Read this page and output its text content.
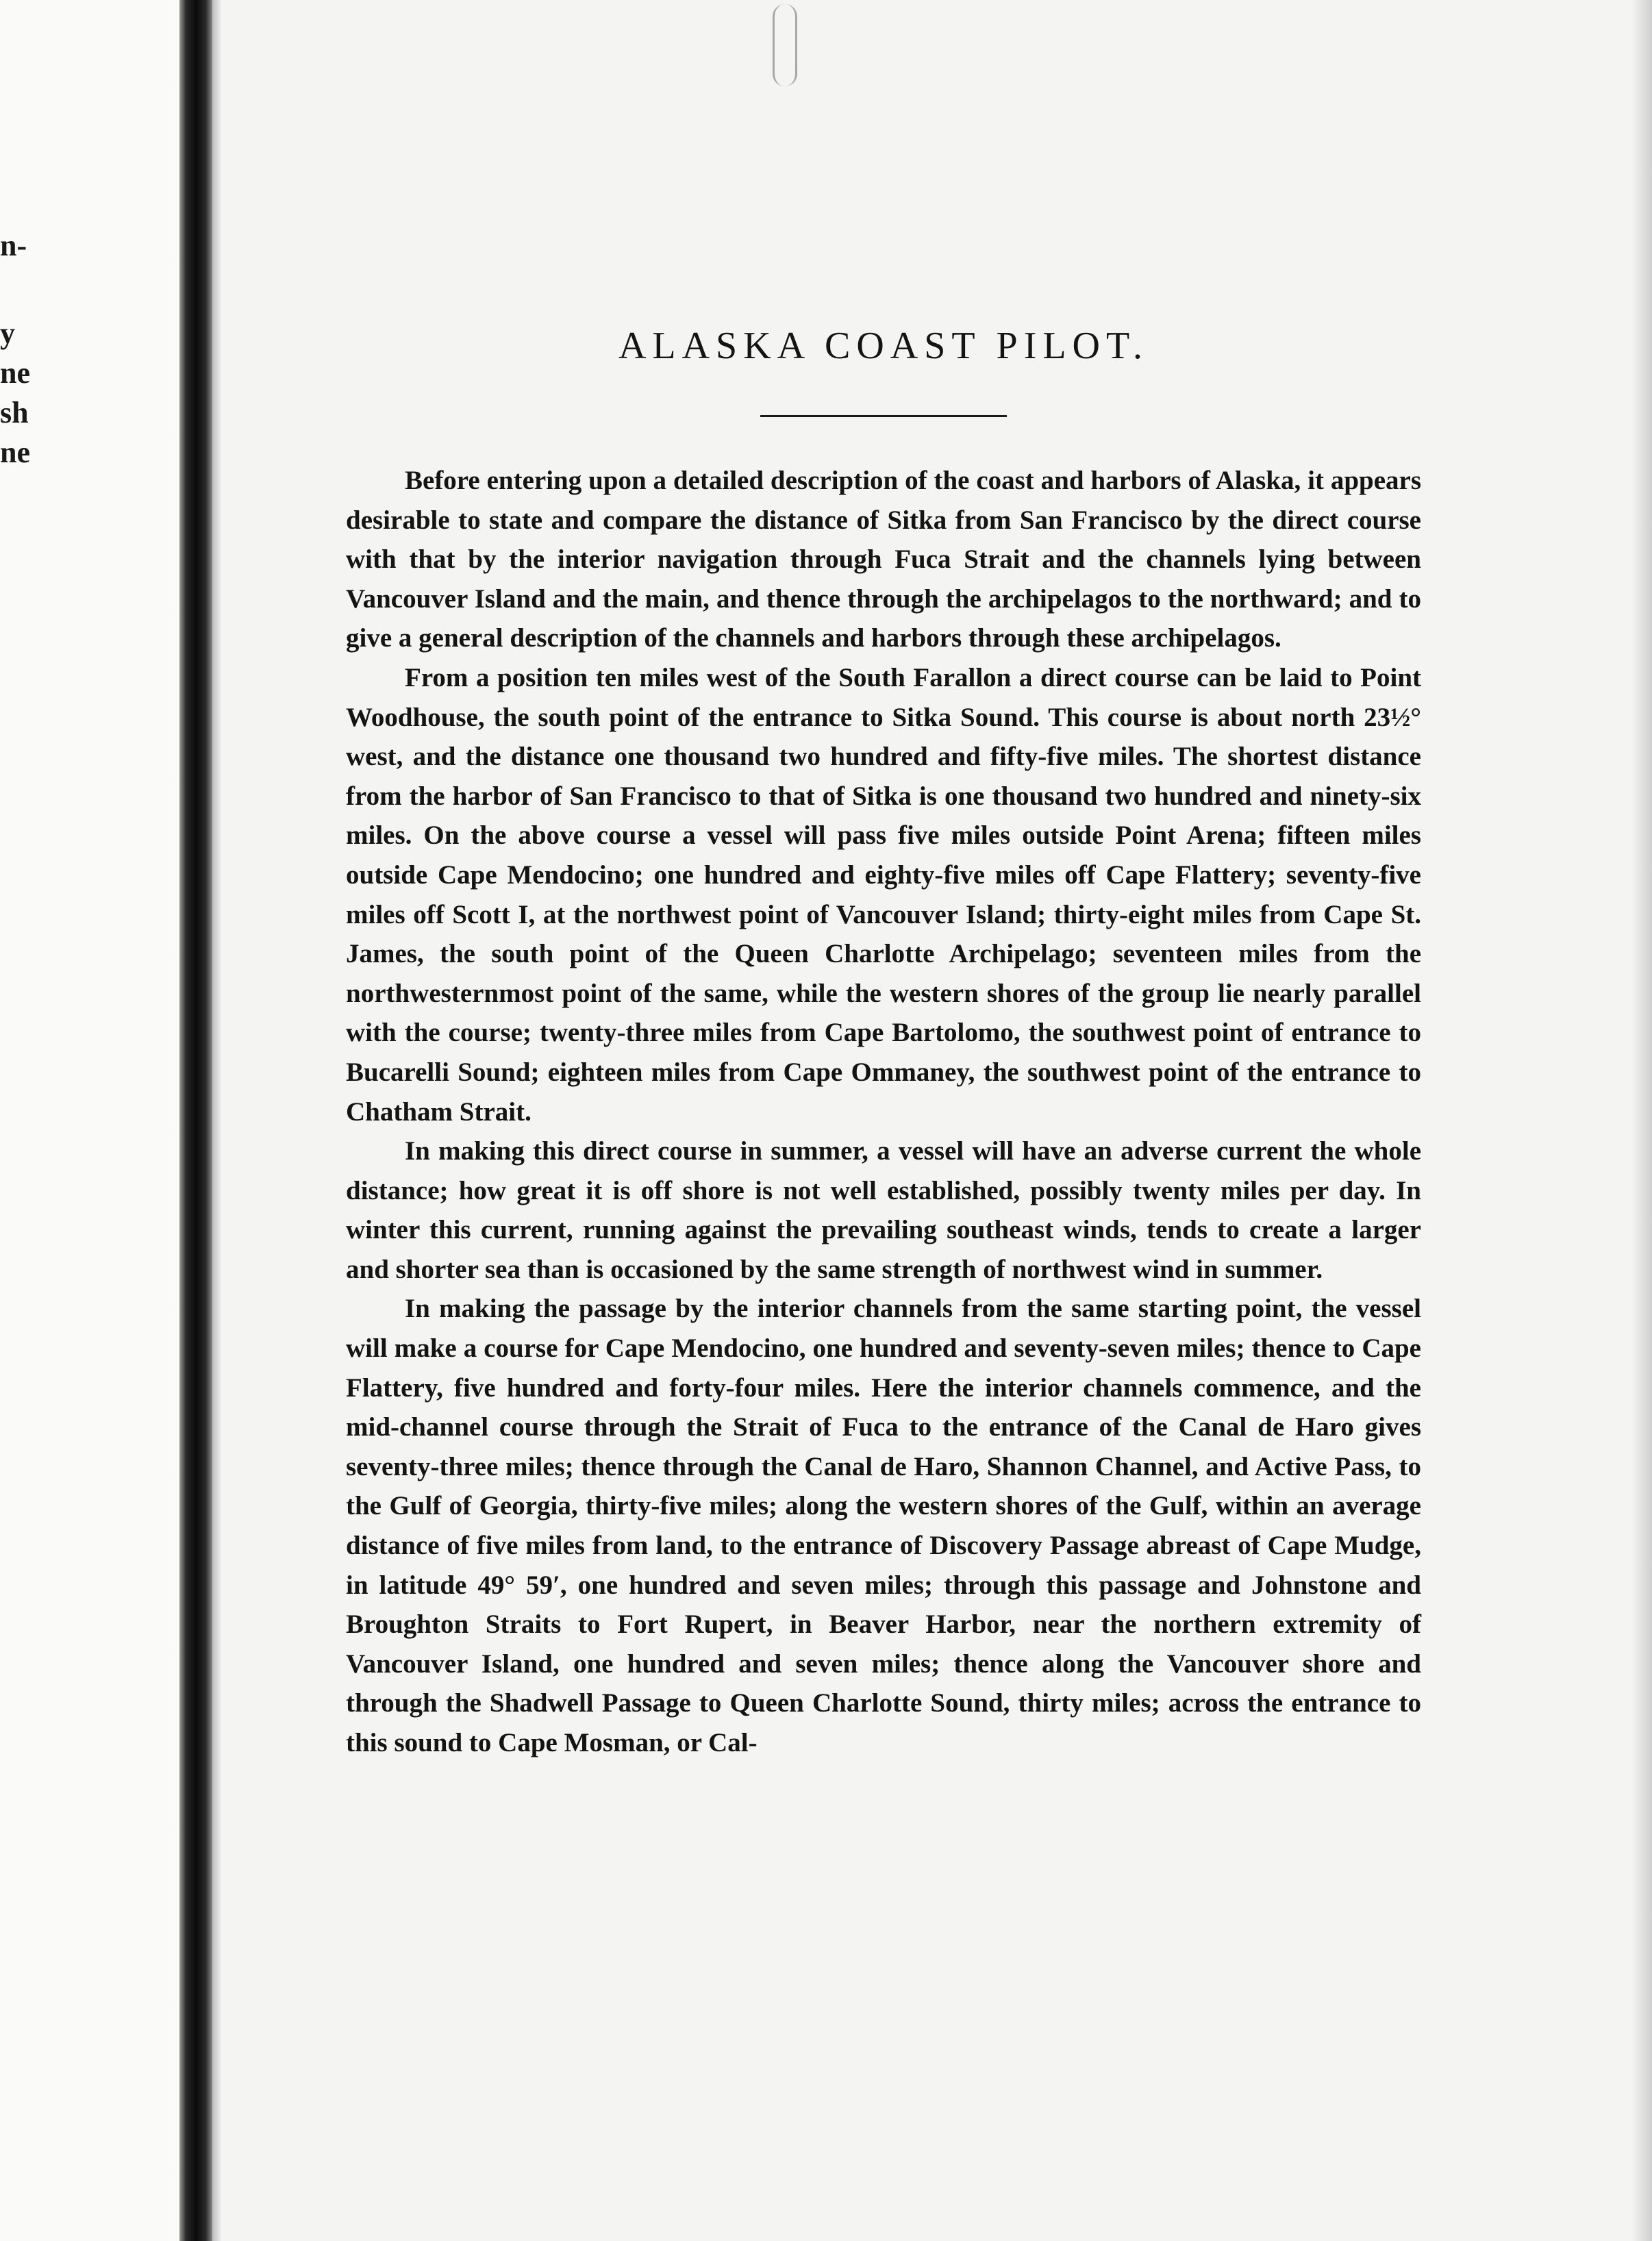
n-
y
ne
sh
ne
ALASKA COAST PILOT.

Before entering upon a detailed description of the coast and harbors of Alaska, it appears desirable to state and compare the distance of Sitka from San Francisco by the direct course with that by the interior navigation through Fuca Strait and the channels lying between Vancouver Island and the main, and thence through the archipelagos to the northward; and to give a general description of the channels and harbors through these archipelagos.

From a position ten miles west of the South Farallon a direct course can be laid to Point Woodhouse, the south point of the entrance to Sitka Sound. This course is about north 23½° west, and the distance one thousand two hundred and fifty-five miles. The shortest distance from the harbor of San Francisco to that of Sitka is one thousand two hundred and ninety-six miles. On the above course a vessel will pass five miles outside Point Arena; fifteen miles outside Cape Mendocino; one hundred and eighty-five miles off Cape Flattery; seventy-five miles off Scott I, at the northwest point of Vancouver Island; thirty-eight miles from Cape St. James, the south point of the Queen Charlotte Archipelago; seventeen miles from the northwesternmost point of the same, while the western shores of the group lie nearly parallel with the course; twenty-three miles from Cape Bartolomo, the southwest point of entrance to Bucarelli Sound; eighteen miles from Cape Ommaney, the southwest point of the entrance to Chatham Strait.

In making this direct course in summer, a vessel will have an adverse current the whole distance; how great it is off shore is not well established, possibly twenty miles per day. In winter this current, running against the prevailing southeast winds, tends to create a larger and shorter sea than is occasioned by the same strength of northwest wind in summer.

In making the passage by the interior channels from the same starting point, the vessel will make a course for Cape Mendocino, one hundred and seventy-seven miles; thence to Cape Flattery, five hundred and forty-four miles. Here the interior channels commence, and the mid-channel course through the Strait of Fuca to the entrance of the Canal de Haro gives seventy-three miles; thence through the Canal de Haro, Shannon Channel, and Active Pass, to the Gulf of Georgia, thirty-five miles; along the western shores of the Gulf, within an average distance of five miles from land, to the entrance of Discovery Passage abreast of Cape Mudge, in latitude 49° 59′, one hundred and seven miles; through this passage and Johnstone and Broughton Straits to Fort Rupert, in Beaver Harbor, near the northern extremity of Vancouver Island, one hundred and seven miles; thence along the Vancouver shore and through the Shadwell Passage to Queen Charlotte Sound, thirty miles; across the entrance to this sound to Cape Mosman, or Cal-
